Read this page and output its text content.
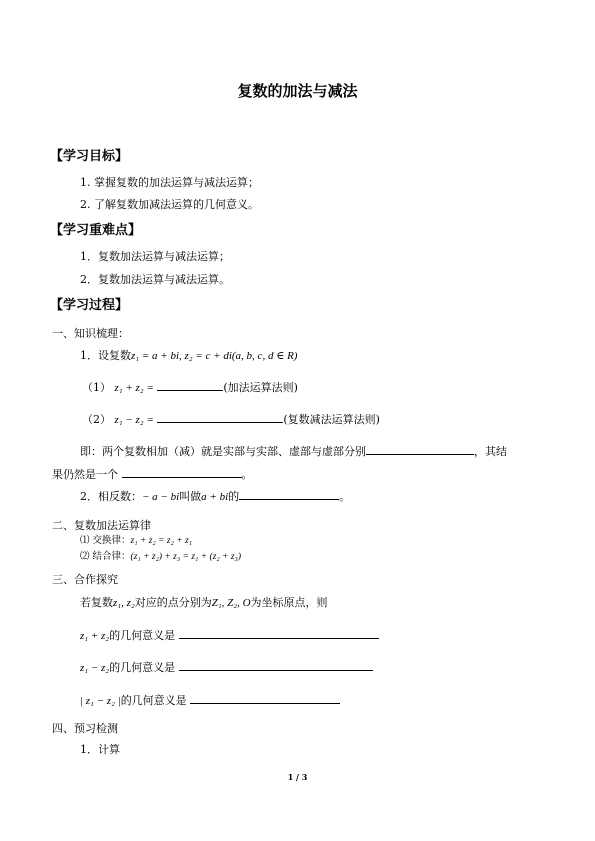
复数的加法与减法
【学习目标】
1. 掌握复数的加法运算与减法运算；
2. 了解复数加减法运算的几何意义。
【学习重难点】
1．复数加法运算与减法运算；
2．复数加法运算与减法运算。
【学习过程】
一、知识梳理：
1．设复数z₁ = a + bi, z₂ = c + di(a, b, c, d ∈ R)
（1） z₁ + z₂ =	(加法运算法则)
（2） z₁ − z₂ =	(复数减法运算法则)
即：两个复数相加（减）就是实部与实部、虚部与虚部分别	，其结
果仍然是一个	。
2．相反数：− a − bi叫做a + bi的	。
二、复数加法运算律
⑴ 交换律：z₁ + z₂ = z₂ + z₁
⑵ 结合律：(z₁ + z₂) + z₃ = z₁ + (z₂ + z₃)
三、合作探究
若复数z₁, z₂对应的点分别为Z₁, Z₂, O为坐标原点，则
z₁ + z₂的几何意义是
z₁ − z₂的几何意义是
| z₁ − z₂ |的几何意义是
四、预习检测
1．计算
1 / 3
